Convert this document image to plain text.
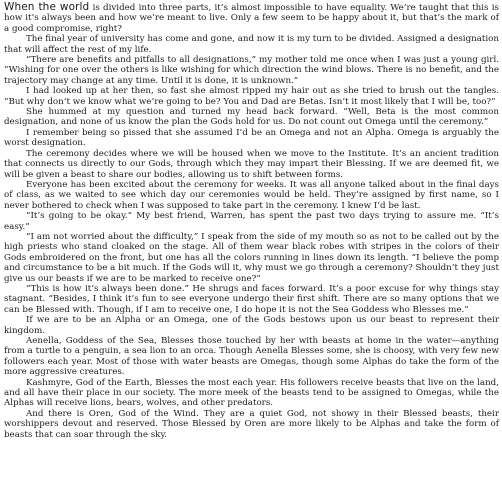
When the world is divided into three parts, it’s almost impossible to have equality. We’re taught that this is how it’s always been and how we’re meant to live. Only a few seem to be happy about it, but that’s the mark of a good compromise, right?

The final year of university has come and gone, and now it is my turn to be divided. Assigned a designation that will affect the rest of my life.

“There are benefits and pitfalls to all designations,” my mother told me once when I was just a young girl. “Wishing for one over the others is like wishing for which direction the wind blows. There is no benefit, and the trajectory may change at any time. Until it is done, it is unknown.”

I had looked up at her then, so fast she almost ripped my hair out as she tried to brush out the tangles. “But why don’t we know what we’re going to be? You and Dad are Betas. Isn’t it most likely that I will be, too?”

She hummed at my question and turned my head back forward. “Well, Beta is the most common designation, and none of us know the plan the Gods hold for us. Do not count out Omega until the ceremony.”

I remember being so pissed that she assumed I’d be an Omega and not an Alpha. Omega is arguably the worst designation.

The ceremony decides where we will be housed when we move to the Institute. It’s an ancient tradition that connects us directly to our Gods, through which they may impart their Blessing. If we are deemed fit, we will be given a beast to share our bodies, allowing us to shift between forms.

Everyone has been excited about the ceremony for weeks. It was all anyone talked about in the final days of class, as we waited to see which day our ceremonies would be held. They’re assigned by first name, so I never bothered to check when I was supposed to take part in the ceremony. I knew I’d be last.

“It’s going to be okay.” My best friend, Warren, has spent the past two days trying to assure me. “It’s easy.”

“I am not worried about the difficulty,” I speak from the side of my mouth so as not to be called out by the high priests who stand cloaked on the stage. All of them wear black robes with stripes in the colors of their Gods embroidered on the front, but one has all the colors running in lines down its length. “I believe the pomp and circumstance to be a bit much. If the Gods will it, why must we go through a ceremony? Shouldn’t they just give us our beasts if we are to be marked to receive one?”

“This is how it’s always been done.” He shrugs and faces forward. It’s a poor excuse for why things stay stagnant. “Besides, I think it’s fun to see everyone undergo their first shift. There are so many options that we can be Blessed with. Though, if I am to receive one, I do hope it is not the Sea Goddess who Blesses me.”

If we are to be an Alpha or an Omega, one of the Gods bestows upon us our beast to represent their kingdom.

Aenella, Goddess of the Sea, Blesses those touched by her with beasts at home in the water—anything from a turtle to a penguin, a sea lion to an orca. Though Aenella Blesses some, she is choosy, with very few new followers each year. Most of those with water beasts are Omegas, though some Alphas do take the form of the more aggressive creatures.

Kashmyre, God of the Earth, Blesses the most each year. His followers receive beasts that live on the land, and all have their place in our society. The more meek of the beasts tend to be assigned to Omegas, while the Alphas will receive lions, bears, wolves, and other predators.

And there is Oren, God of the Wind. They are a quiet God, not showy in their Blessed beasts, their worshippers devout and reserved. Those Blessed by Oren are more likely to be Alphas and take the form of beasts that can soar through the sky.
